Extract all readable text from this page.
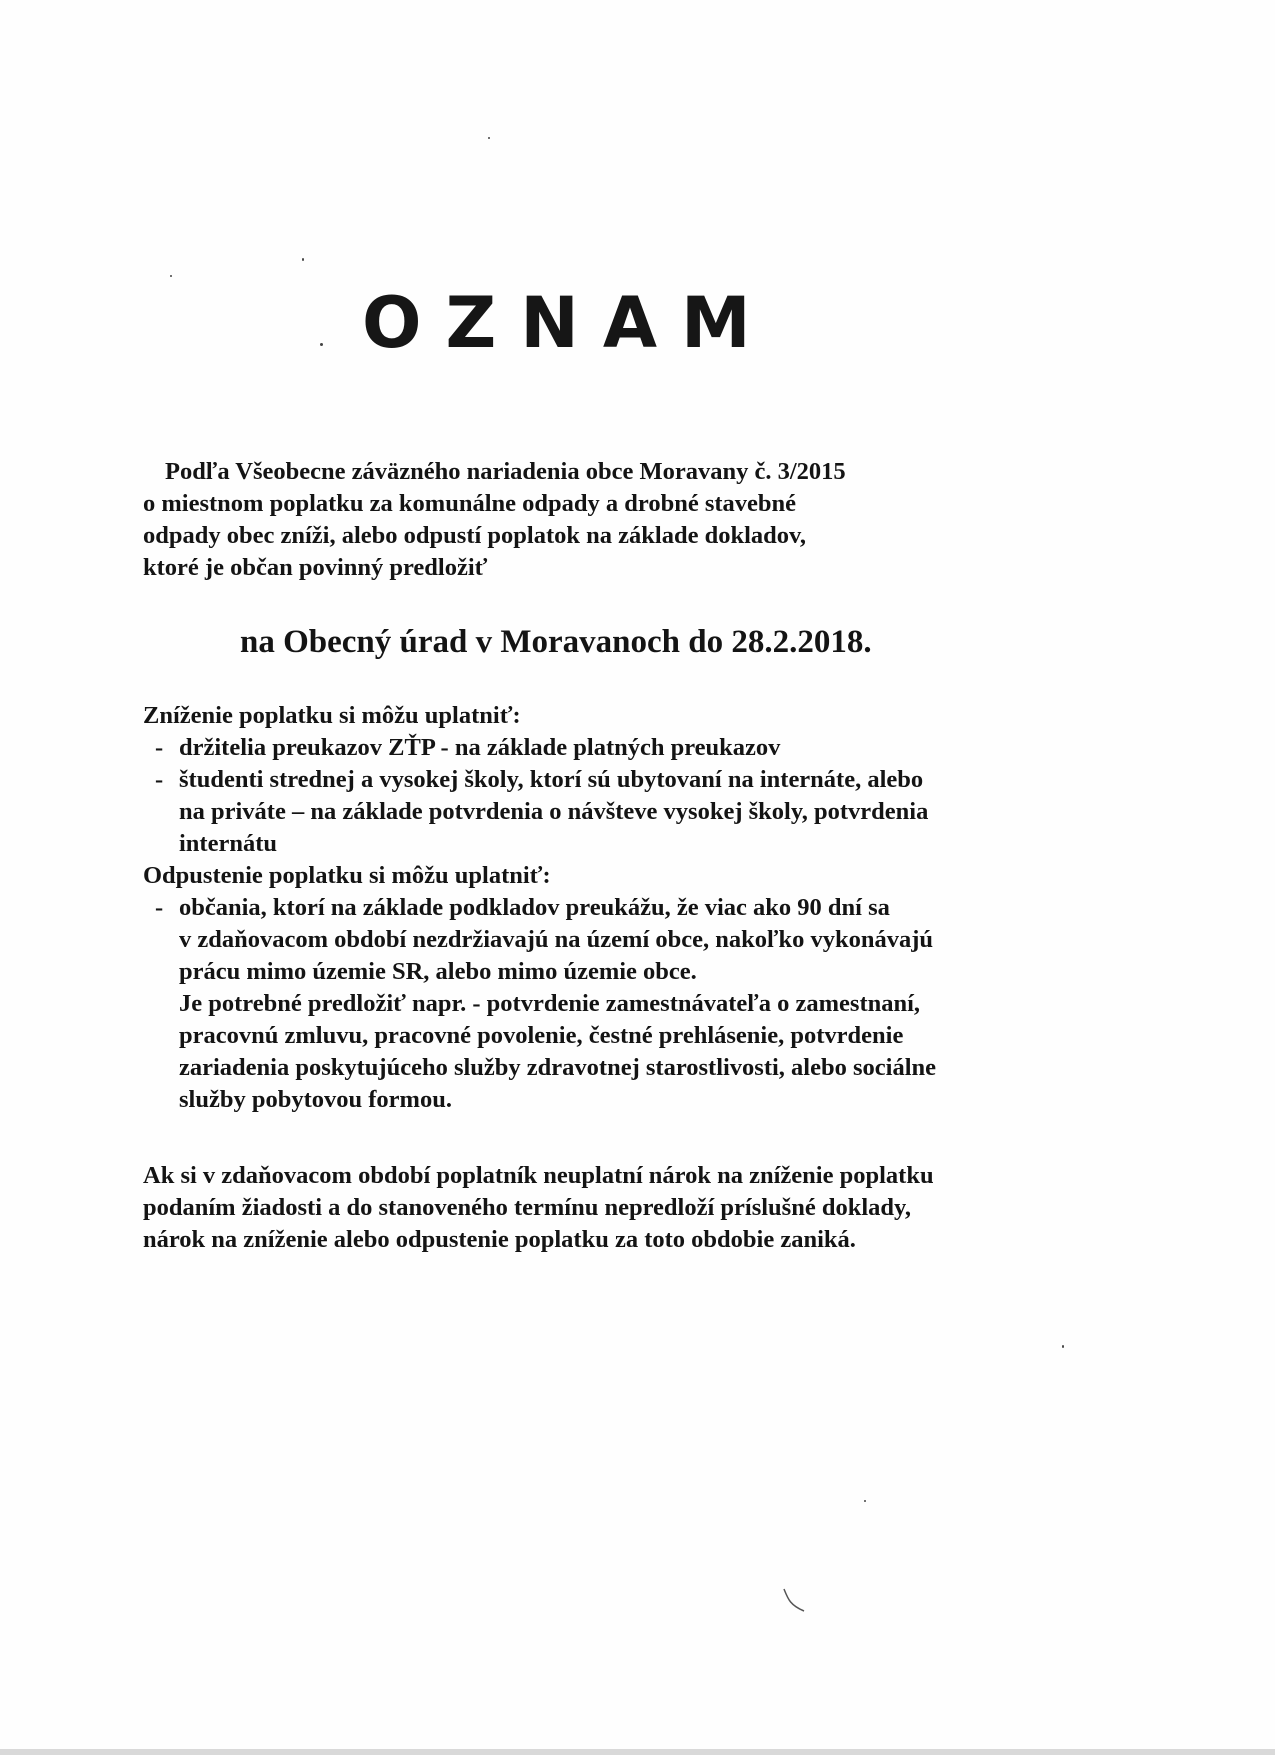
OZNAM
Podľa Všeobecne záväzného nariadenia obce Moravany č. 3/2015
o miestnom poplatku za komunálne odpady a drobné stavebné
odpady obec zníži, alebo odpustí poplatok na základe dokladov,
ktoré je občan povinný predložiť

na Obecný úrad v Moravanoch do 28.2.2018.

Zníženie poplatku si môžu uplatniť:
- držitelia preukazov ZŤP - na základe platných preukazov
- študenti strednej a vysokej školy, ktorí sú ubytovaní na internáte, alebo
na priváte – na základe potvrdenia o návšteve vysokej školy, potvrdenia
internátu
Odpustenie poplatku si môžu uplatniť:
- občania, ktorí na základe podkladov preukážu, že viac ako 90 dní sa
v zdaňovacom období nezdržiavajú na území obce, nakoľko vykonávajú
prácu mimo územie SR, alebo mimo územie obce.
Je potrebné predložiť napr. - potvrdenie zamestnávateľa o zamestnaní,
pracovnú zmluvu, pracovné povolenie, čestné prehlásenie, potvrdenie
zariadenia poskytujúceho služby zdravotnej starostlivosti, alebo sociálne
služby pobytovou formou.
Ak si v zdaňovacom období poplatník neuplatní nárok na zníženie poplatku
podaním žiadosti a do stanoveného termínu nepredloží príslušné doklady,
nárok na zníženie alebo odpustenie poplatku za toto obdobie zaniká.
